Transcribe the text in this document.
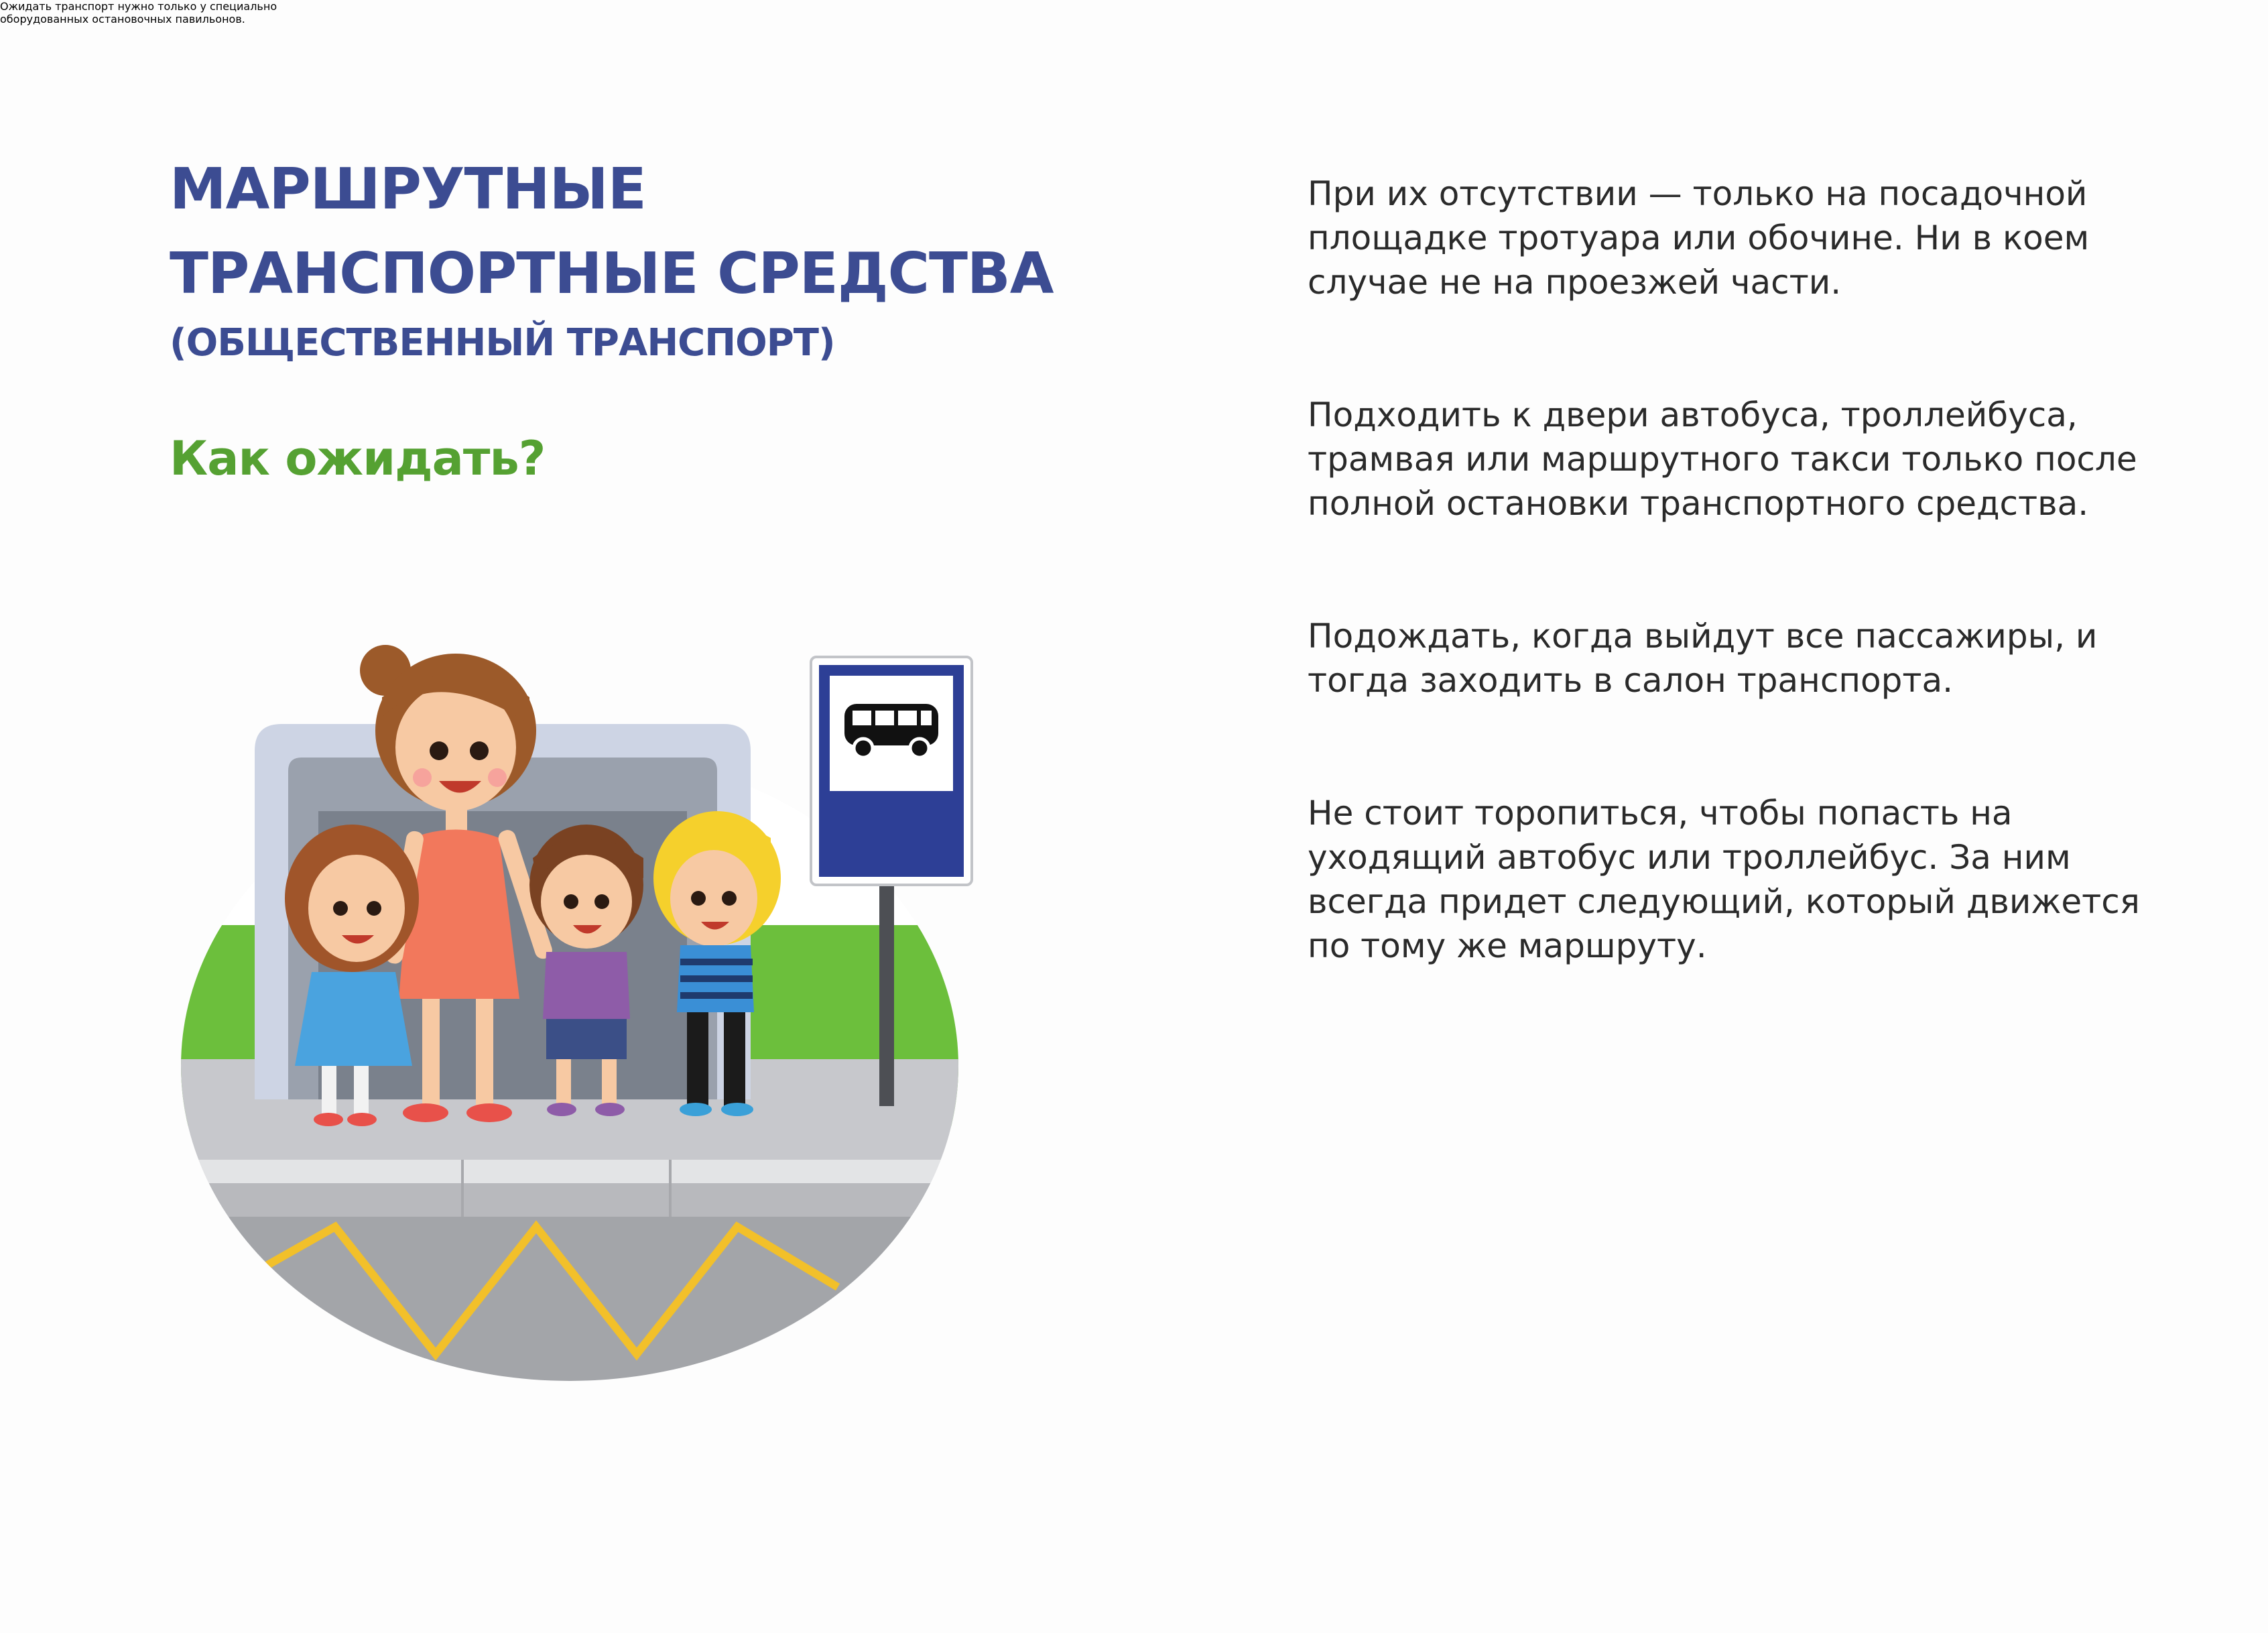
МАРШРУТНЫЕ
ТРАНСПОРТНЫЕ СРЕДСТВА
(ОБЩЕСТВЕННЫЙ ТРАНСПОРТ)
Как ожидать?

Ожидать транспорт нужно только у специально
оборудованных остановочных павильонов.

При их отсутствии — только на посадочной
площадке тротуара или обочине. Ни в коем
случае не на проезжей части.
Подходить к двери автобуса, троллейбуса,
трамвая или маршрутного такси только после
полной остановки транспортного средства.
Подождать, когда выйдут все пассажиры, и
тогда заходить в салон транспорта.
Не стоит торопиться, чтобы попасть на
уходящий автобус или троллейбус. За ним
всегда придет следующий, который движется
по тому же маршруту.
